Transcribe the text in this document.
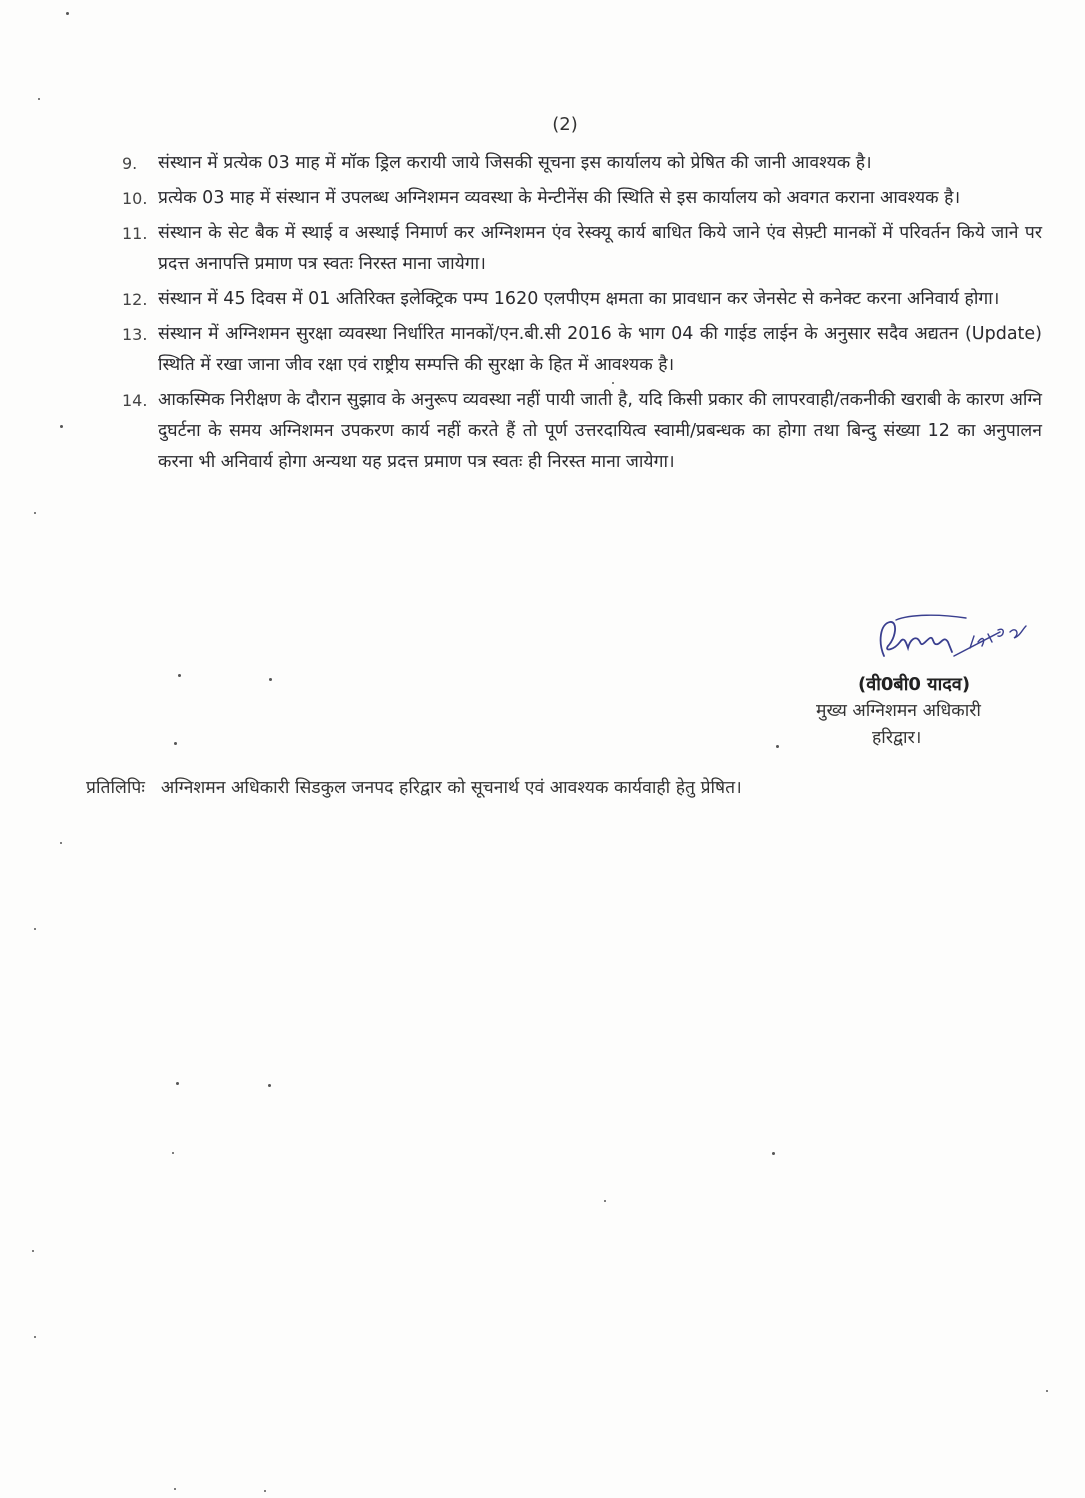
(2)
9.	संस्थान में प्रत्येक 03 माह में मॉक ड्रिल करायी जाये जिसकी सूचना इस कार्यालय को प्रेषित की जानी आवश्यक है।
10. प्रत्येक 03 माह में संस्थान में उपलब्ध अग्निशमन व्यवस्था के मेन्टीनेंस की स्थिति से इस कार्यालय को अवगत कराना आवश्यक है।
11. संस्थान के सेट बैक में स्थाई व अस्थाई निमार्ण कर अग्निशमन एंव रेस्क्यू कार्य बाधित किये जाने एंव सेफ़्टी मानकों में परिवर्तन किये जाने पर प्रदत्त अनापत्ति प्रमाण पत्र स्वतः निरस्त माना जायेगा।
12. संस्थान में 45 दिवस में 01 अतिरिक्त इलेक्ट्रिक पम्प 1620 एलपीएम क्षमता का प्रावधान कर जेनसेट से कनेक्ट करना अनिवार्य होगा।
13. संस्थान में अग्निशमन सुरक्षा व्यवस्था निर्धारित मानकों/एन.बी.सी 2016 के भाग 04 की गाईड लाईन के अनुसार सदैव अद्यतन (Update) स्थिति में रखा जाना जीव रक्षा एवं राष्ट्रीय सम्पत्ति की सुरक्षा के हित में आवश्यक है।
14. आकस्मिक निरीक्षण के दौरान सुझाव के अनुरूप व्यवस्था नहीं पायी जाती है, यदि किसी प्रकार की लापरवाही/तकनीकी खराबी के कारण अग्नि दुघर्टना के समय अग्निशमन उपकरण कार्य नहीं करते हैं तो पूर्ण उत्तरदायित्व स्वामी/प्रबन्धक का होगा तथा बिन्दु संख्या 12 का अनुपालन करना भी अनिवार्य होगा अन्यथा यह प्रदत्त प्रमाण पत्र स्वतः ही निरस्त माना जायेगा।
(वी0बी0 यादव)
मुख्य अग्निशमन अधिकारी
हरिद्वार।
प्रतिलिपिः अग्निशमन अधिकारी सिडकुल जनपद हरिद्वार को सूचनार्थ एवं आवश्यक कार्यवाही हेतु प्रेषित।
